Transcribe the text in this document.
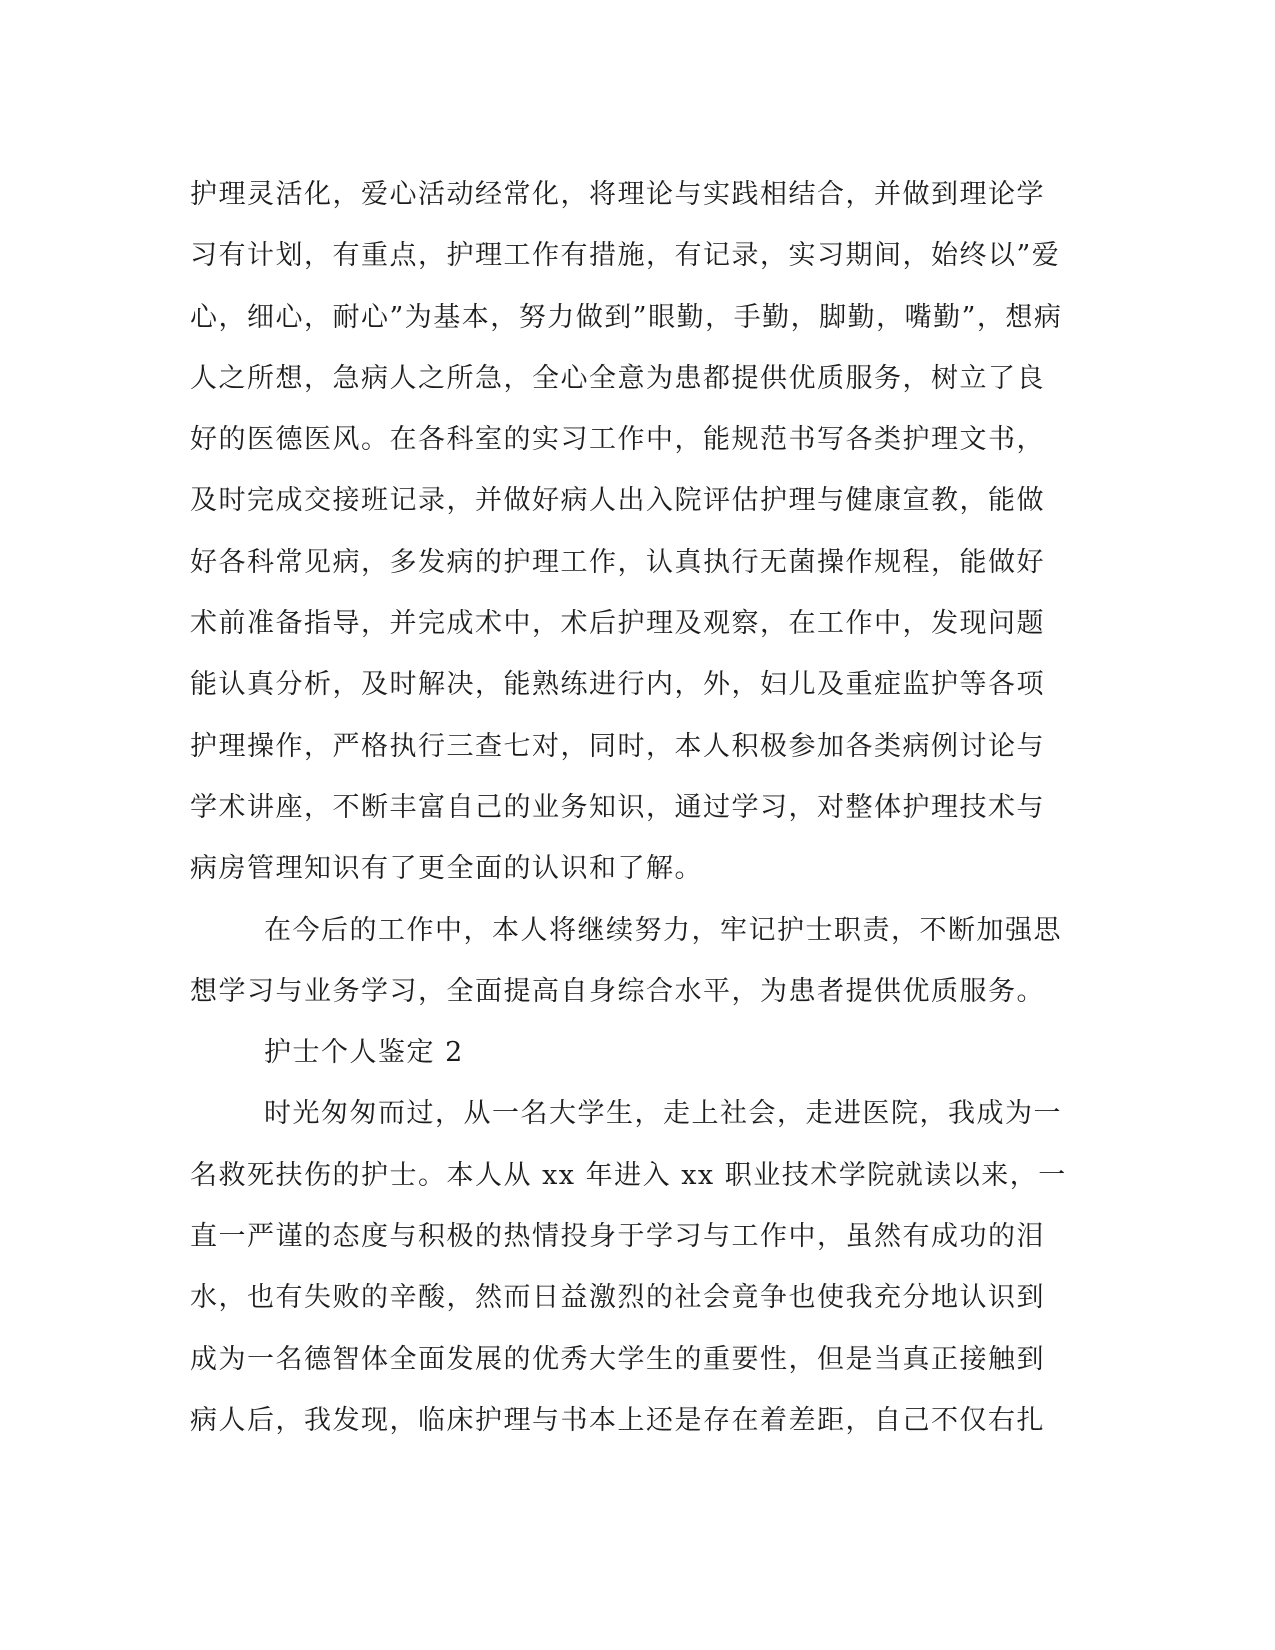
护理灵活化，爱心活动经常化，将理论与实践相结合，并做到理论学
习有计划，有重点，护理工作有措施，有记录，实习期间，始终以”爱
心，细心，耐心”为基本，努力做到”眼勤，手勤，脚勤，嘴勤”，想病
人之所想，急病人之所急，全心全意为患都提供优质服务，树立了良
好的医德医风。在各科室的实习工作中，能规范书写各类护理文书，
及时完成交接班记录，并做好病人出入院评估护理与健康宣教，能做
好各科常见病，多发病的护理工作，认真执行无菌操作规程，能做好
术前准备指导，并完成术中，术后护理及观察，在工作中，发现问题
能认真分析，及时解决，能熟练进行内，外，妇儿及重症监护等各项
护理操作，严格执行三查七对，同时，本人积极参加各类病例讨论与
学术讲座，不断丰富自己的业务知识，通过学习，对整体护理技术与
病房管理知识有了更全面的认识和了解。
在今后的工作中，本人将继续努力，牢记护士职责，不断加强思
想学习与业务学习，全面提高自身综合水平，为患者提供优质服务。
护士个人鉴定 2
时光匆匆而过，从一名大学生，走上社会，走进医院，我成为一
名救死扶伤的护士。本人从 xx 年进入 xx 职业技术学院就读以来，一
直一严谨的态度与积极的热情投身于学习与工作中，虽然有成功的泪
水，也有失败的辛酸，然而日益激烈的社会竟争也使我充分地认识到
成为一名德智体全面发展的优秀大学生的重要性，但是当真正接触到
病人后，我发现，临床护理与书本上还是存在着差距，自己不仅右扎
